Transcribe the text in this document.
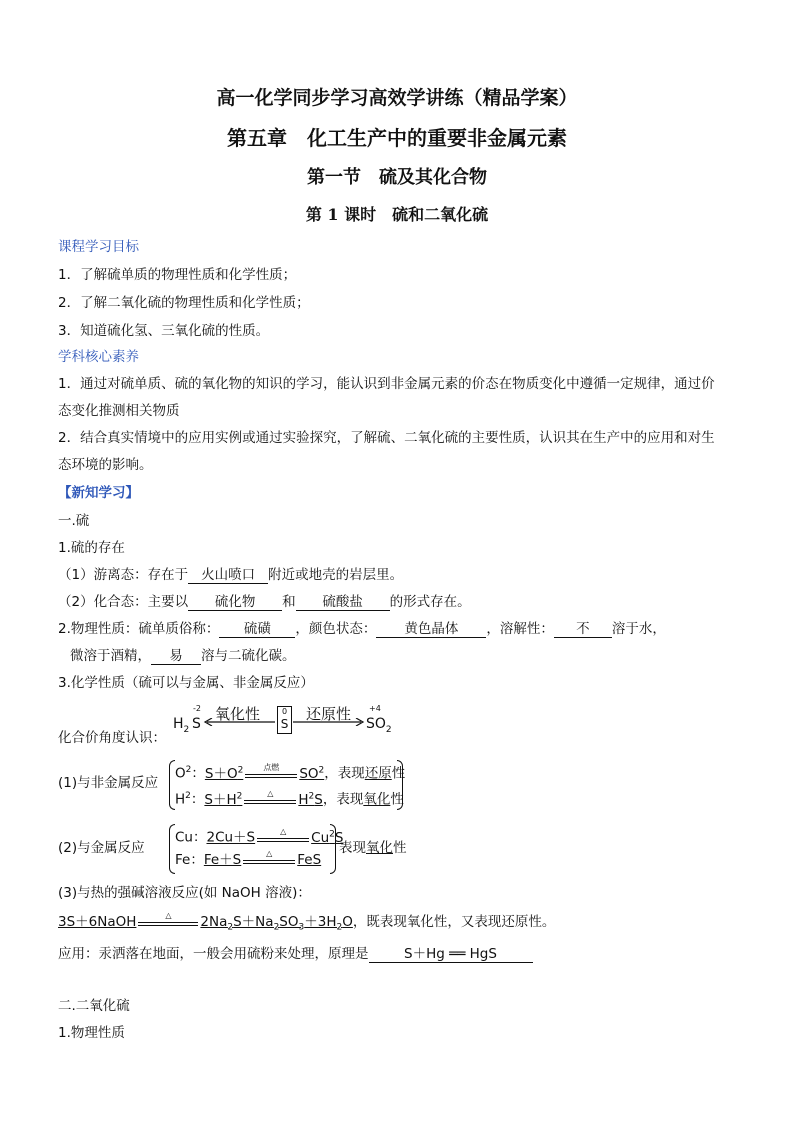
高一化学同步学习高效学讲练（精品学案）
第五章　化工生产中的重要非金属元素
第一节　硫及其化合物
第 1 课时　硫和二氧化硫
课程学习目标
1．了解硫单质的物理性质和化学性质；
2．了解二氧化硫的物理性质和化学性质；
3．知道硫化氢、三氧化硫的性质。
学科核心素养
1．通过对硫单质、硫的氧化物的知识的学习，能认识到非金属元素的价态在物质变化中遵循一定规律，通过价
态变化推测相关物质
2．结合真实情境中的应用实例或通过实验探究，了解硫、二氧化硫的主要性质，认识其在生产中的应用和对生
态环境的影响。
【新知学习】
一.硫
1.硫的存在
（1）游离态：存在于 火山喷口 附近或地壳的岩层里。
（2）化合态：主要以 硫化物 和 硫酸盐 的形式存在。
2.物理性质：硫单质俗称： 硫磺 ，颜色状态： 黄色晶体 ，溶解性： 不 溶于水，
微溶于酒精， 易 溶与二硫化碳。
3.化学性质（硫可以与金属、非金属反应）
化合价角度认识：
$H_2$ S
-2 氧化性	0
S
还原性
$SO_2$
+4
(1)与非金属反应
$O^2$：$S+O^2$	点燃	$SO^2$，表现还原性
$H^2$：$S+H^2$	△	$H^2S$，表现氧化性
(2)与金属反应
Cu：2Cu＋S	△	Cu$^2$S
Fe：Fe＋S	△	FeS
表现氧化性
(3)与热的强碱溶液反应(如 NaOH 溶液)：
3S＋6NaOH	△	$2Na_2S+Na_2SO_3+3H_2O$，既表现氧化性，又表现还原性。
应用：汞洒落在地面，一般会用硫粉来处理，原理是	S＋Hg ══ HgS
二.二氧化硫
1.物理性质
